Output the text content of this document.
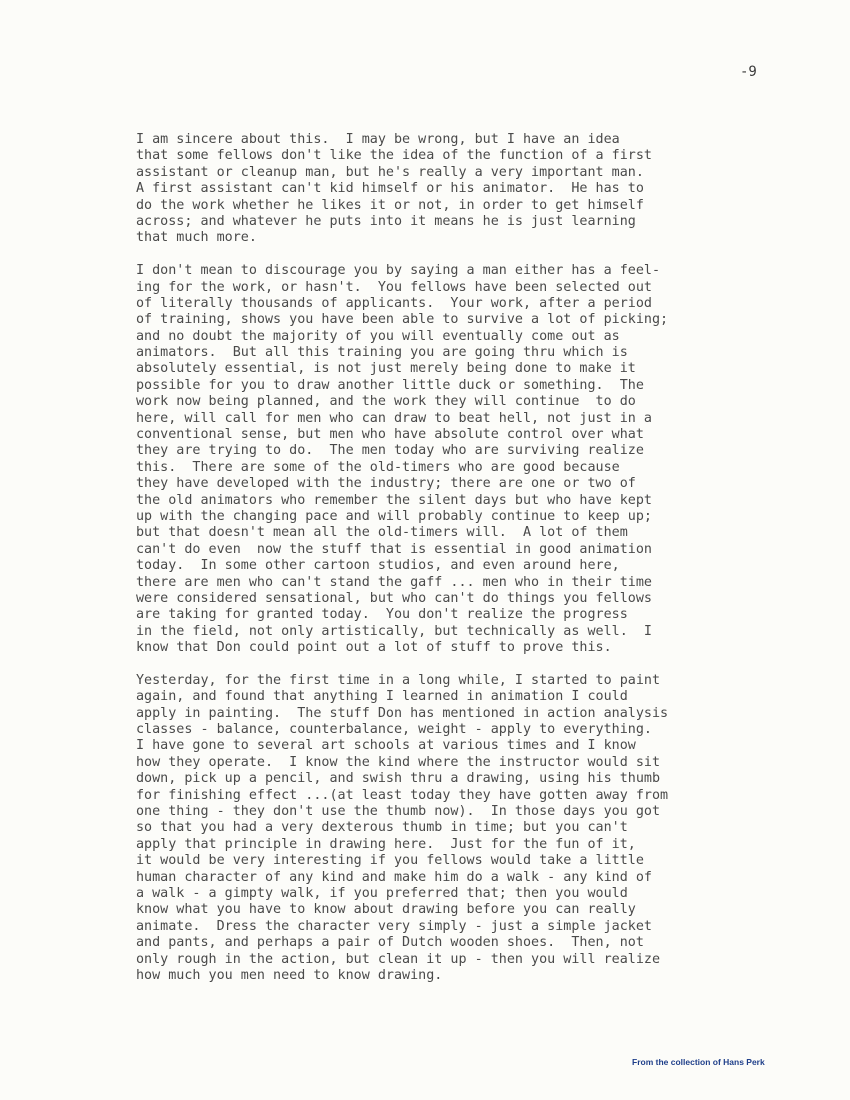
-9
I am sincere about this.  I may be wrong, but I have an idea
that some fellows don't like the idea of the function of a first
assistant or cleanup man, but he's really a very important man.
A first assistant can't kid himself or his animator.  He has to
do the work whether he likes it or not, in order to get himself
across; and whatever he puts into it means he is just learning
that much more.
I don't mean to discourage you by saying a man either has a feel-
ing for the work, or hasn't.  You fellows have been selected out
of literally thousands of applicants.  Your work, after a period
of training, shows you have been able to survive a lot of picking;
and no doubt the majority of you will eventually come out as
animators.  But all this training you are going thru which is
absolutely essential, is not just merely being done to make it
possible for you to draw another little duck or something.  The
work now being planned, and the work they will continue  to do
here, will call for men who can draw to beat hell, not just in a
conventional sense, but men who have absolute control over what
they are trying to do.  The men today who are surviving realize
this.  There are some of the old-timers who are good because
they have developed with the industry; there are one or two of
the old animators who remember the silent days but who have kept
up with the changing pace and will probably continue to keep up;
but that doesn't mean all the old-timers will.  A lot of them
can't do even  now the stuff that is essential in good animation
today.  In some other cartoon studios, and even around here,
there are men who can't stand the gaff ... men who in their time
were considered sensational, but who can't do things you fellows
are taking for granted today.  You don't realize the progress
in the field, not only artistically, but technically as well.  I
know that Don could point out a lot of stuff to prove this.
Yesterday, for the first time in a long while, I started to paint
again, and found that anything I learned in animation I could
apply in painting.  The stuff Don has mentioned in action analysis
classes - balance, counterbalance, weight - apply to everything.
I have gone to several art schools at various times and I know
how they operate.  I know the kind where the instructor would sit
down, pick up a pencil, and swish thru a drawing, using his thumb
for finishing effect ...(at least today they have gotten away from
one thing - they don't use the thumb now).  In those days you got
so that you had a very dexterous thumb in time; but you can't
apply that principle in drawing here.  Just for the fun of it,
it would be very interesting if you fellows would take a little
human character of any kind and make him do a walk - any kind of
a walk - a gimpty walk, if you preferred that; then you would
know what you have to know about drawing before you can really
animate.  Dress the character very simply - just a simple jacket
and pants, and perhaps a pair of Dutch wooden shoes.  Then, not
only rough in the action, but clean it up - then you will realize
how much you men need to know drawing.
From the collection of Hans Perk
